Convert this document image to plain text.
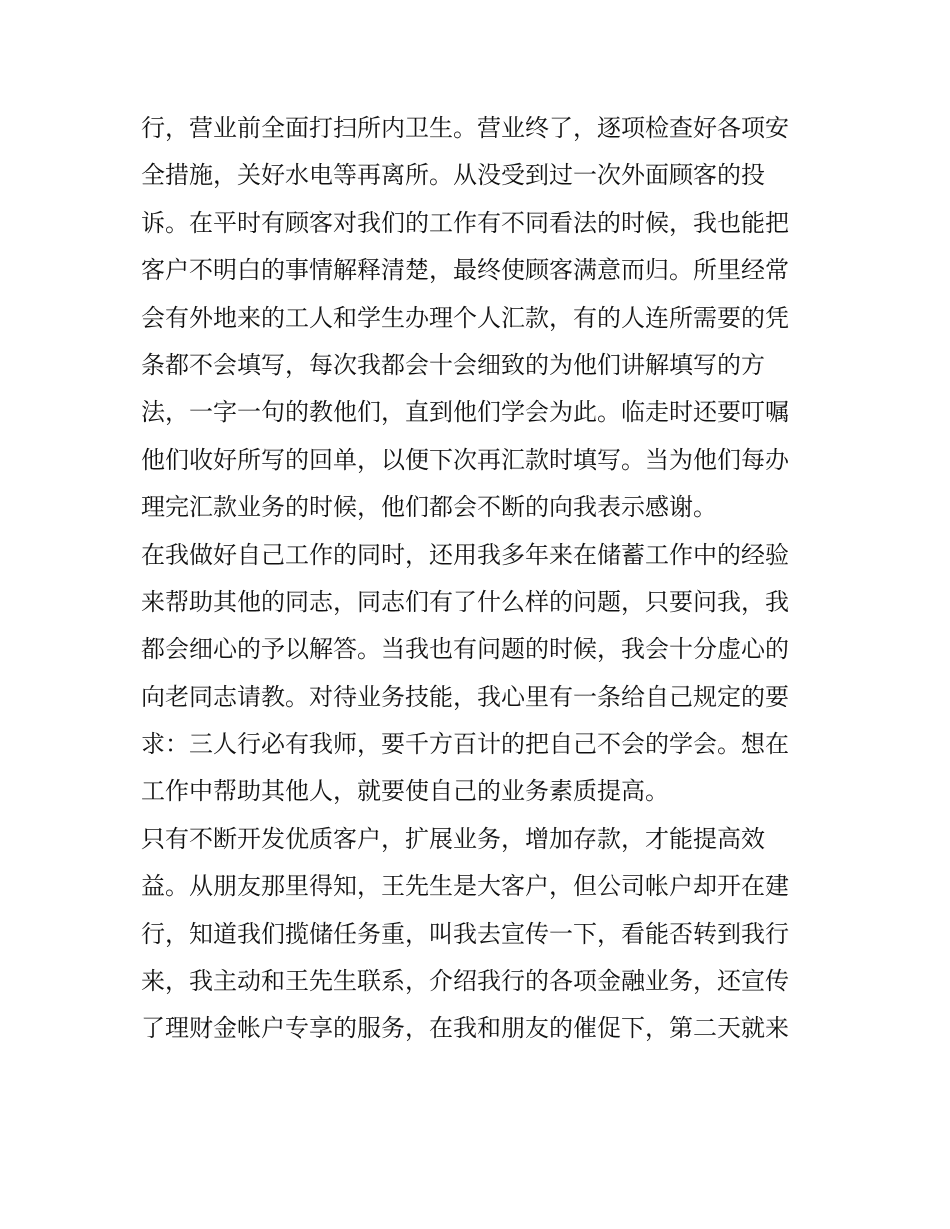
行，营业前全面打扫所内卫生。营业终了，逐项检查好各项安
全措施，关好水电等再离所。从没受到过一次外面顾客的投
诉。在平时有顾客对我们的工作有不同看法的时候，我也能把
客户不明白的事情解释清楚，最终使顾客满意而归。所里经常
会有外地来的工人和学生办理个人汇款，有的人连所需要的凭
条都不会填写，每次我都会十会细致的为他们讲解填写的方
法，一字一句的教他们，直到他们学会为此。临走时还要叮嘱
他们收好所写的回单，以便下次再汇款时填写。当为他们每办
理完汇款业务的时候，他们都会不断的向我表示感谢。
在我做好自己工作的同时，还用我多年来在储蓄工作中的经验
来帮助其他的同志，同志们有了什么样的问题，只要问我，我
都会细心的予以解答。当我也有问题的时候，我会十分虚心的
向老同志请教。对待业务技能，我心里有一条给自己规定的要
求：三人行必有我师，要千方百计的把自己不会的学会。想在
工作中帮助其他人，就要使自己的业务素质提高。
只有不断开发优质客户，扩展业务，增加存款，才能提高效
益。从朋友那里得知，王先生是大客户，但公司帐户却开在建
行，知道我们揽储任务重，叫我去宣传一下，看能否转到我行
来，我主动和王先生联系，介绍我行的各项金融业务，还宣传
了理财金帐户专享的服务，在我和朋友的催促下，第二天就来
